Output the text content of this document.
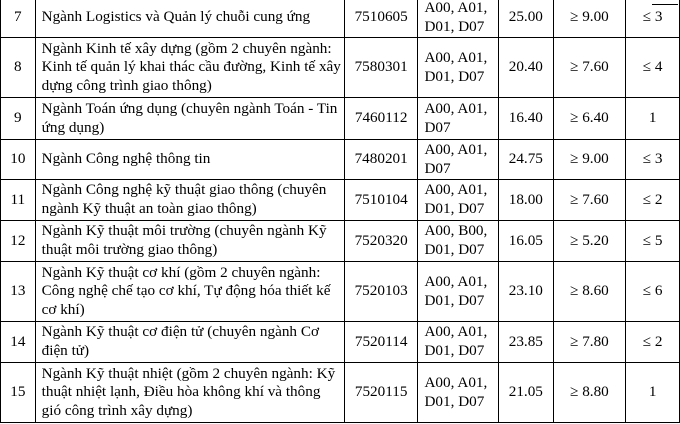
7	Ngành Logistics và Quản lý chuỗi cung ứng	7510605	A00, A01, D01, D07	25.00	≥ 9.00	≤ 3
8	Ngành Kinh tế xây dựng (gồm 2 chuyên ngành: Kinh tế quản lý khai thác cầu đường, Kinh tế xây dựng công trình giao thông)	7580301	A00, A01, D01, D07	20.40	≥ 7.60	≤ 4
9	Ngành Toán ứng dụng (chuyên ngành Toán - Tin ứng dụng)	7460112	A00, A01, D07	16.40	≥ 6.40	1
10	Ngành Công nghệ thông tin	7480201	A00, A01, D07	24.75	≥ 9.00	≤ 3
11	Ngành Công nghệ kỹ thuật giao thông (chuyên ngành Kỹ thuật an toàn giao thông)	7510104	A00, A01, D01, D07	18.00	≥ 7.60	≤ 2
12	Ngành Kỹ thuật môi trường (chuyên ngành Kỹ thuật môi trường giao thông)	7520320	A00, B00, D01, D07	16.05	≥ 5.20	≤ 5
13	Ngành Kỹ thuật cơ khí (gồm 2 chuyên ngành: Công nghệ chế tạo cơ khí, Tự động hóa thiết kế cơ khí)	7520103	A00, A01, D01, D07	23.10	≥ 8.60	≤ 6
14	Ngành Kỹ thuật cơ điện tử (chuyên ngành Cơ điện tử)	7520114	A00, A01, D01, D07	23.85	≥ 7.80	≤ 2
15	Ngành Kỹ thuật nhiệt (gồm 2 chuyên ngành: Kỹ thuật nhiệt lạnh, Điều hòa không khí và thông gió công trình xây dựng)	7520115	A00, A01, D01, D07	21.05	≥ 8.80	1
